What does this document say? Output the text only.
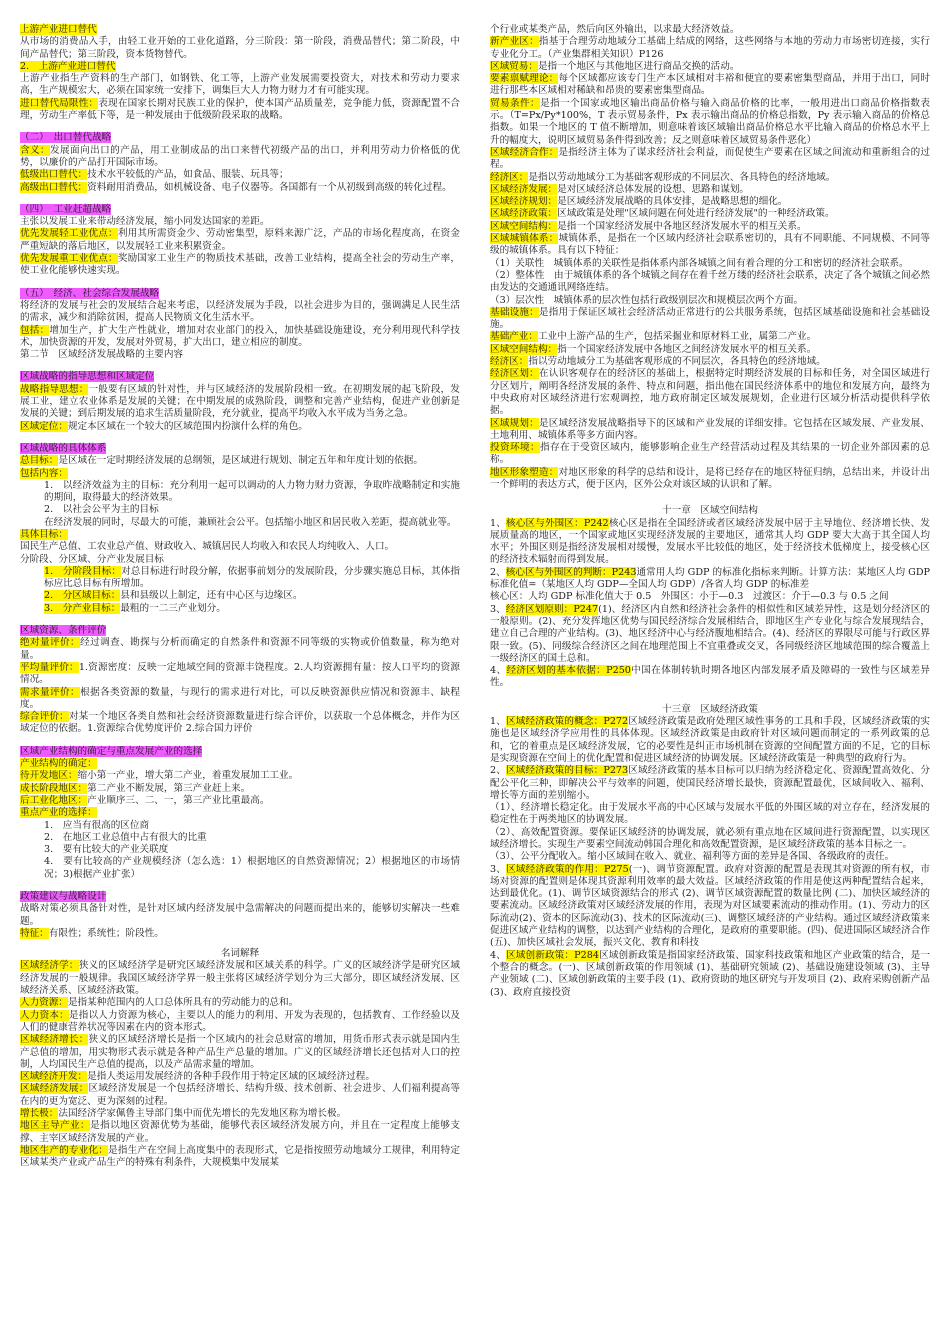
上游产业进口替代

从市场的消费品入手，由轻工业开始的工业化道路，分三阶段：第一阶段，消费品替代；第二阶段，中间产品替代；第三阶段，资本货物替代。

2.　上游产业进口替代

上游产业指生产资料的生产部门，如钢铁、化工等，上游产业发展需要投资大，对技术和劳动力要求高，生产规模宏大，必须在国家统一安排下，调集巨大人力物力财力才有可能实现。

进口替代局限性：表现在国家长期对民族工业的保护，使本国产品质量差，竞争能力低，资源配置不合理，劳动生产率低下等，是一种发展由于低级阶段采取的战略。

（二）　出口替代战略

含义：发展面向出口的产品，用工业制成品的出口来替代初级产品的出口，并利用劳动力价格低的优势，以廉价的产品打开国际市场。

低级出口替代：技术水平较低的产品，如食品、服装、玩具等；

高级出口替代：资料耐用消费品，如机械设备、电子仪器等。各国都有一个从初级到高级的转化过程。

（四）　工业赶超战略

主张以发展工业来带动经济发展，缩小同发达国家的差距。

优先发展轻工业优点：利用其所需资金少、劳动密集型，原料来源广泛，产品的市场化程度高，在资金严重短缺的落后地区，以发展轻工业来积累资金。

优先发展重工业优点：奖励国家工业生产的物质技术基础，改善工业结构，提高全社会的劳动生产率，使工业化能够快速实现。

（五）　经济、社会综合发展战略

将经济的发展与社会的发展结合起来考虑，以经济发展为手段，以社会进步为目的，强调满足人民生活的需求，减少和消除贫困，提高人民物质文化生活水平。

包括：增加生产，扩大生产性就业，增加对农业部门的投入，加快基础设施建设，充分利用现代科学技术，加快资源的开发，发展对外贸易，扩大出口，建立相应的制度。

第二节　区域经济发展战略的主要内容

区域战略的指导思想和区域定位

战略指导思想：一般要有区域的针对性，并与区域经济的发展阶段相一致。在初期发展的起飞阶段，发展工业，建立农业体系是发展的关键；在中期发展的成熟阶段，调整和完善产业结构，促进产业创新是发展的关键；到后期发展的追求生活质量阶段，充分就业，提高平均收入水平成为当务之急。

区域定位：规定本区域在一个较大的区域范围内扮演什么样的角色。

区域战略的具体体系

总目标：是区域在一定时期经济发展的总纲领，是区域进行规划、制定五年和年度计划的依据。

包括内容：

1.　以经济效益为主的目标：充分利用一起可以调动的人力物力财力资源，争取昨战略制定和实施的期间，取得最大的经济效果。

2.　以社会公平为主的目标

在经济发展的同时，尽最大的可能，兼顾社会公平。包括缩小地区和居民收入差距，提高就业等。

具体目标：

国民生产总值、工农业总产值、财政收入、城镇居民人均收入和农民人均纯收入、人口。

分阶段、分区域、分产业发展目标

1.　分阶段目标：对总目标进行时段分解，依据事前划分的发展阶段，分步骤实施总目标，其体指标应比总目标有所增加。

2.　分区域目标：县和县级以上制定，还有中心区与边缘区。

3.　分产业目标：最粗的一二三产业划分。

区域资源、条件评价

绝对量评价：经过调查、勘探与分析而确定的自然条件和资源不同等级的实物或价值数量，称为绝对量。

平均量评价：1.资源密度：反映一定地域空间的资源丰饶程度。2.人均资源拥有量：按人口平均的资源情况。

需求量评价：根据各类资源的数量，与现行的需求进行对比，可以反映资源供应情况和资源丰、缺程度。

综合评价：对某一个地区各类自然和社会经济资源数量进行综合评价，以获取一个总体概念，并作为区域定位的依据。1.资源综合优势度评价 2.综合国力评价

区域产业结构的确定与重点发展产业的选择

产业结构的确定：

待开发地区：缩小第一产业，增大第二产业，着重发展加工工业。

成长阶段地区：第二产业不断发展，第三产业赶上来。

后工业化地区：产业顺序三、二、一，第三产业比重最高。

重点产业的选择：

1.　应当有很高的区位商

2.　在地区工业总值中占有很大的比重

3.　要有比较大的产业关联度

4.　要有比较高的产业规模经济（怎么选：1）根据地区的自然资源情况；2）根据地区的市场情况；3)根据产业扩张）

政策建议与战略设计

战略对策必须具备针对性，是针对区域内经济发展中急需解决的问题而提出来的，能够切实解决一些难题。

特征：有限性；系统性；阶段性。

名词解释

区域经济学：狭义的区域经济学是研究区域经济发展和区域关系的科学。广义的区域经济学是研究区域经济发展的一般规律。我国区域经济学界一般主张将区域经济学划分为三大部分，即区域经济发展、区域经济关系、区域经济政策。

人力资源：是指某种范围内的人口总体所具有的劳动能力的总和。

人力资本：是指以人力资源为核心，主要以人的能力的利用、开发为表现的，包括教育、工作经验以及人们的健康营养状况等因素在内的资本形式。

区域经济增长：狭义的区域经济增长是指一个区域内的社会总财富的增加，用货币形式表示就是国内生产总值的增加，用实物形式表示就是各种产品生产总量的增加。广义的区域经济增长还包括对人口的控制，人均国民生产总值的提高，以及产品需求量的增加。

区域经济开发：是指人类运用发展经济的各种手段作用于特定区域的区域经济过程。

区域经济发展：区域经济发展是一个包括经济增长、结构升级、技术创新、社会进步、人们福利提高等在内的更为宽泛、更为深刻的过程。

增长极：法国经济学家佩鲁主导部门集中而优先增长的先发地区称为增长极。

地区主导产业：是指以地区资源优势为基础，能够代表区域经济发展方向，并且在一定程度上能够支撑、主宰区域经济发展的产业。

地区生产的专业化：是指生产在空间上高度集中的表现形式，它是指按照劳动地域分工规律，利用特定区域某类产业或产品生产的特殊有利条件，大规模集中发展某

个行业或某类产品，然后向区外输出，以求最大经济效益。

新产业区：指基于合理劳动地域分工基础上结成的网络，这些网络与本地的劳动力市场密切连接，实行专业化分工。（产业集群相关知识）P126

区域贸易：是指一个地区与其他地区进行商品交换的活动。

要素禀赋理论：每个区域都应该专门生产本区域相对丰裕和便宜的要素密集型商品，并用于出口，同时进行那些本区域相对稀缺和昂贵的要素密集型商品。

贸易条件：是指一个国家或地区输出商品价格与输入商品价格的比率，一般用进出口商品价格指数表示。（T=Px/Py*100%，T 表示贸易条件，Px 表示输出商品的价格总指数，Py 表示输入商品的价格总指数。如果一个地区的 T 值不断增加，则意味着该区域输出商品价格总水平比输入商品的价格总水平上升的幅度大，说明区域贸易条件得到改善；反之则意味着区域贸易条件恶化）

区域经济合作：是指经济主体为了谋求经济社会利益，而促使生产要素在区域之间流动和重新组合的过程。

经济区：是指以劳动地域分工为基础客观形成的不同层次、各具特色的经济地域。

区域经济发展：是对区域经济总体发展的设想、思路和谋划。

区域经济规划：是区域经济发展战略的具体安排，是战略思想的细化。

区域经济政策：区域政策是处理"区域问题在何处进行经济发展"的一种经济政策。

区域空间结构：是指一个国家经济发展中各地区经济发展水平的相互关系。

区域城镇体系：城镇体系，是指在一个区域内经济社会联系密切的，具有不同职能、不同规模、不同等级的城镇体系。具有以下特征：

（1）关联性　城镇体系的关联性是指体系内部各城镇之间有着合理的分工和密切的经济社会联系。

（2）整体性　由于城镇体系的各个城镇之间存在着千丝万缕的经济社会联系，决定了各个城镇之间必然由发达的交通通讯网络连结。

（3）层次性　城镇体系的层次性包括行政级别层次和规模层次两个方面。

基础设施：是指用于保证区域社会经济活动正常进行的公共服务系统，包括区域基础设施和社会基础设施。

基础产业：工业中上游产品的生产，包括采掘业和原材料工业，属第二产业。

区域空间结构：指一个国家经济发展中各地区之间经济发展水平的相互关系。

经济区：指以劳动地域分工为基础客观形成的不同层次，各具特色的经济地域。

经济区划：在认识客观存在的经济区的基础上，根据特定时期经济发展的目标和任务，对全国区域进行分区划片，阐明各经济发展的条件、特点和问题，指出他在国民经济体系中的地位和发展方向，最终为中央政府对区域经济进行宏观调控，地方政府制定区域发展规划，企业进行区域分析活动提供科学依据。

区域规划：是区域经济发展战略指导下的区域和产业发展的详细安排。它包括在区域发展、产业发展、土地利用、城镇体系等多方面内容。

投资环境：指存在于受资区域内，能够影响企业生产经营活动过程及其结果的一切企业外部因素的总称。

地区形象塑造：对地区形象的科学的总结和设计，是将已经存在的地区特征归纳，总结出来，并设计出一个鲜明的表达方式，便于区内，区外公众对该区域的认识和了解。

十一章　区域空间结构

1、核心区与外围区：P242核心区是指在全国经济或者区域经济发展中居于主导地位、经济增长快、发展质量高的地区，一个国家或地区实现经济发展的主要地区，通常其人均 GDP 要大大高于其全国人均水平；外围区则是指经济发展相对缓慢，发展水平比较低的地区，处于经济技术低梯度上，接受核心区的经济技术辐射而得到发展。

2、核心区与外围区的判断：P243通常用人均 GDP 的标准化指标来判断。计算方法：某地区人均 GDP 标准化值=（某地区人均 GDP—全国人均 GDP）/各省人均 GDP 的标准差

核心区：人均 GDP 标准化值大于 0.5　外围区：小于—0.3　过渡区：介于—0.3 与 0.5 之间

3、经济区划原则：P247(1)、经济区内自然和经济社会条件的相似性和区域差异性，这是划分经济区的一般原则。(2)、充分发挥地区优势与国民经济综合发展相结合，即地区生产专业化与综合发展现结合，建立自己合理的产业结构。(3)、地区经济中心与经济腹地相结合。(4)、经济区的界限尽可能与行政区界限一致。(5)、同级综合经济区之间在地理范围上不宜重叠或交叉，各同级经济区地域范围的综合覆盖上一级经济区的国土总和。

4、经济区划的基本依据：P250中国在体制转轨时期各地区内部发展矛盾及障碍的一致性与区域差异性。

十三章　区域经济政策

1、区域经济政策的概念：P272区域经济政策是政府处理区域性事务的工具和手段，区域经济政策的实施也是区域经济学应用性的具体体现。区域经济政策是由政府针对区域问题而制定的一系列政策的总和，它的着重点是区域经济发展，它的必要性是纠正市场机制在资源的空间配置方面的不足，它的目标是实现资源在空间上的优化配置和促进区域经济的协调发展。区域经济政策是一种典型的政府行为。

2、区域经济政策的目标：P273区域经济政策的基本目标可以归纳为经济稳定化、资源配置高效化、分配公平化三种，即解决公平与效率的问题，使国民经济增长最快，资源配置最优，区域间收入、福利、增长等方面的差别缩小。

（1）、经济增长稳定化。由于发展水平高的中心区域与发展水平低的外围区域的对立存在，经济发展的稳定性在于两类地区的协调发展。

（2）、高效配置资源。要保证区域经济的协调发展，就必须有重点地在区域间进行资源配置，以实现区域经济增长。实现生产要素空间流动韩国合理化和高效配置资源，是区域经济政策的基本目标之一。

（3）、公平分配收入。缩小区域间在收入、就业、福利等方面的差异是各国、各级政府的责任。

3、区域经济政策的作用：P275(一)、调节资源配置。政府对资源的配置是表现其对资源的所有权，市场对资源的配置则是体现其资源利用效率的最大效益。区域经济政策的作用是使这两种配置结合起来，达到最优化。(1)、调节区域资源结合的形式 (2)、调节区域资源配置的数量比例 (二)、加快区域经济的要素流动。区域经济政策对区域经济发展的作用，表现为对区域要素流动的推动作用。(1)、劳动力的区际流动(2)、资本的区际流动(3)、技术的区际流动(三)、调整区域经济的产业结构。通过区域经济政策来促进区域产业结构的调整，以达到产业结构的合理化，是政府的重要职能。(四)、促进国际区域经济合作(五)、加快区域社会发展，振兴文化、教育和科技

4、区域创新政策：P284区域创新政策是指国家经济政策、国家科技政策和地区产业政策的结合，是一个整合的概念。(一)、区域创新政策的作用领域 (1)、基础研究领域 (2)、基础设施建设领域 (3)、主导产业领域 (二)、区域创新政策的主要手段 (1)、政府资助的地区研究与开发项目 (2)、政府采购创新产品 (3)、政府直接投资
